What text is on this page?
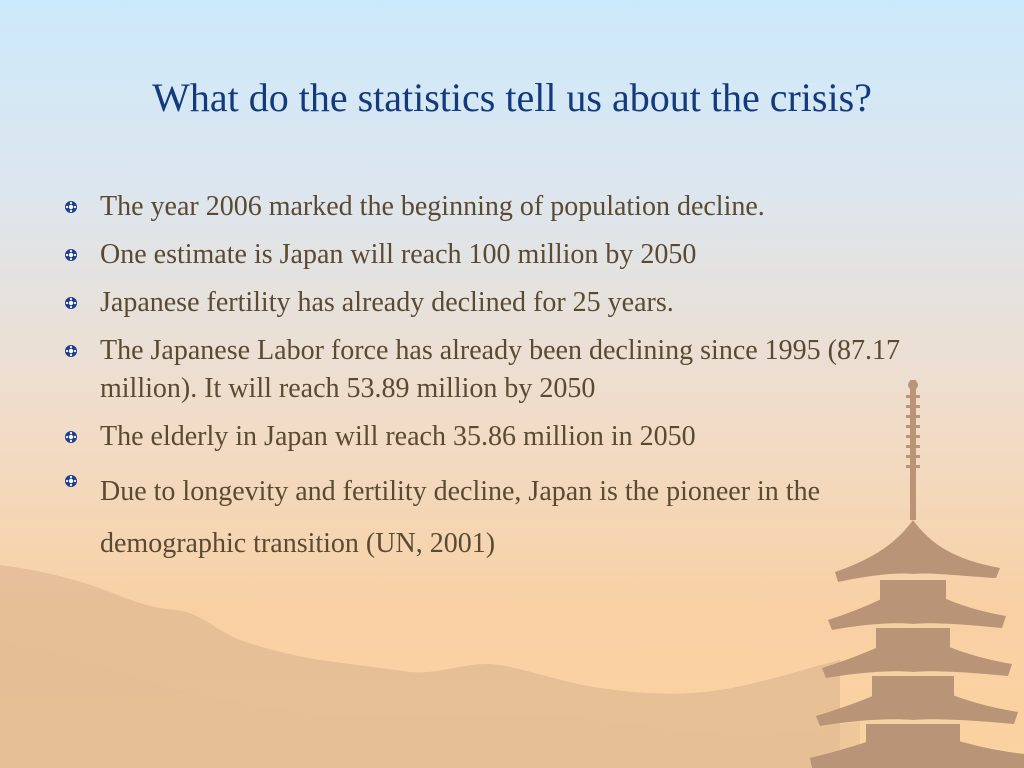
What do the statistics tell us about the crisis?
The year 2006 marked the beginning of population decline.
One estimate is Japan will reach 100 million by 2050
Japanese fertility has already declined for 25 years.
The Japanese Labor force has already been declining since 1995 (87.17 million). It will reach 53.89 million by 2050
The elderly in Japan will reach 35.86 million in 2050
Due to longevity and fertility decline, Japan is the pioneer in the demographic transition (UN, 2001)
